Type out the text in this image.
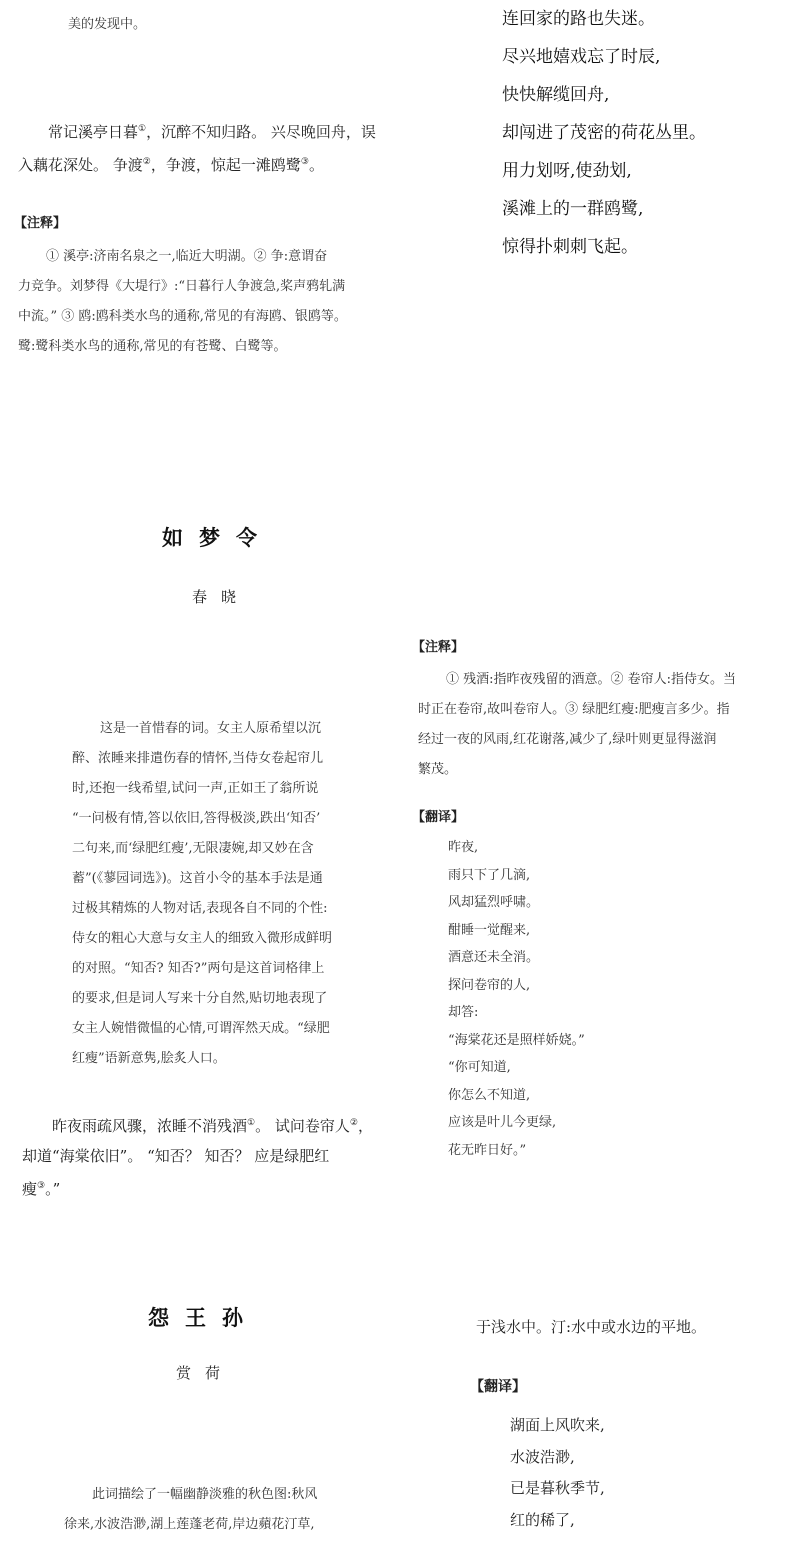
美的发现中。
常记溪亭日暮①，沉醉不知归路。 兴尽晚回舟，误
入藕花深处。 争渡②，争渡，惊起一滩鸥鹭③。
【注释】
① 溪亭:济南名泉之一,临近大明湖。② 争:意谓奋
力竞争。刘梦得《大堤行》:“日暮行人争渡急,桨声鸦轧满
中流。” ③ 鸥:鸥科类水鸟的通称,常见的有海鸥、银鸥等。
鹭:鹭科类水鸟的通称,常见的有苍鹭、白鹭等。
连回家的路也失迷。
尽兴地嬉戏忘了时辰,
快快解缆回舟,
却闯进了茂密的荷花丛里。
用力划呀,使劲划,
溪滩上的一群鸥鹭,
惊得扑刺刺飞起。
如梦令
春晓
这是一首惜春的词。女主人原希望以沉
醉、浓睡来排遣伤春的情怀,当侍女卷起帘儿
时,还抱一线希望,试问一声,正如王了翁所说
“一问极有情,答以依旧,答得极淡,跌出‘知否’
二句来,而‘绿肥红瘦’,无限凄婉,却又妙在含
蓄”(《蓼园词选》)。这首小令的基本手法是通
过极其精炼的人物对话,表现各自不同的个性:
侍女的粗心大意与女主人的细致入微形成鲜明
的对照。“知否? 知否?”两句是这首词格律上
的要求,但是词人写来十分自然,贴切地表现了
女主人婉惜微愠的心情,可谓浑然天成。“绿肥
红瘦”语新意隽,脍炙人口。
昨夜雨疏风骤，浓睡不消残酒①。 试问卷帘人②，
却道“海棠依旧”。 “知否？ 知否？ 应是绿肥红
瘦③。”
【注释】
① 残酒:指昨夜残留的酒意。② 卷帘人:指侍女。当
时正在卷帘,故叫卷帘人。③ 绿肥红瘦:肥瘦言多少。指
经过一夜的风雨,红花谢落,减少了,绿叶则更显得滋润
繁茂。
【翻译】
昨夜,
雨只下了几滴,
风却猛烈呼啸。
酣睡一觉醒来,
酒意还未全消。
探问卷帘的人,
却答:
“海棠花还是照样娇娆。”
“你可知道,
你怎么不知道,
应该是叶儿今更绿,
花无昨日好。”
怨王孙
赏荷
此词描绘了一幅幽静淡雅的秋色图:秋风
徐来,水波浩渺,湖上莲蓬老荷,岸边蘋花汀草,
于浅水中。汀:水中或水边的平地。
【翻译】
湖面上风吹来,
水波浩渺,
已是暮秋季节,
红的稀了,
